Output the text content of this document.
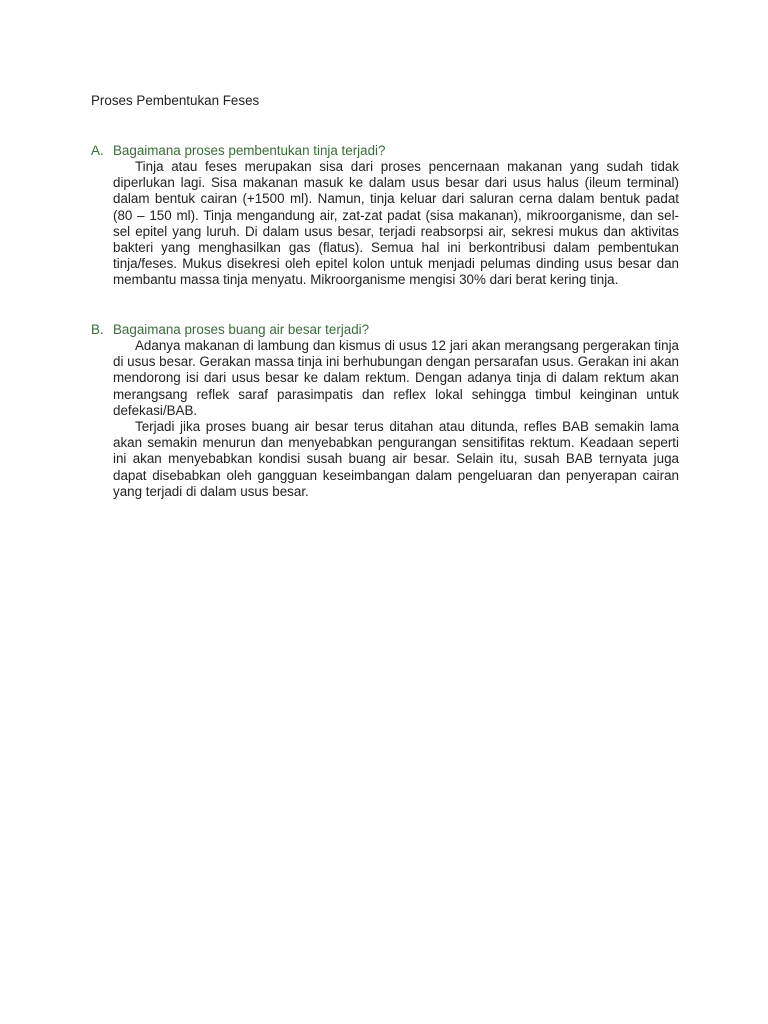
Proses Pembentukan Feses
A. Bagaimana proses pembentukan tinja terjadi?

Tinja atau feses merupakan sisa dari proses pencernaan makanan yang sudah tidak diperlukan lagi. Sisa makanan masuk ke dalam usus besar dari usus halus (ileum terminal) dalam bentuk cairan (+1500 ml). Namun, tinja keluar dari saluran cerna dalam bentuk padat (80 – 150 ml). Tinja mengandung air, zat-zat padat (sisa makanan), mikroorganisme, dan sel-sel epitel yang luruh. Di dalam usus besar, terjadi reabsorpsi air, sekresi mukus dan aktivitas bakteri yang menghasilkan gas (flatus). Semua hal ini berkontribusi dalam pembentukan tinja/feses. Mukus disekresi oleh epitel kolon untuk menjadi pelumas dinding usus besar dan membantu massa tinja menyatu. Mikroorganisme mengisi 30% dari berat kering tinja.

B. Bagaimana proses buang air besar terjadi?

Adanya makanan di lambung dan kismus di usus 12 jari akan merangsang pergerakan tinja di usus besar. Gerakan massa tinja ini berhubungan dengan persarafan usus. Gerakan ini akan mendorong isi dari usus besar ke dalam rektum. Dengan adanya tinja di dalam rektum akan merangsang reflek saraf parasimpatis dan reflex lokal sehingga timbul keinginan untuk defekasi/BAB.

Terjadi jika proses buang air besar terus ditahan atau ditunda, refles BAB semakin lama akan semakin menurun dan menyebabkan pengurangan sensitifitas rektum. Keadaan seperti ini akan menyebabkan kondisi susah buang air besar. Selain itu, susah BAB ternyata juga dapat disebabkan oleh gangguan keseimbangan dalam pengeluaran dan penyerapan cairan yang terjadi di dalam usus besar.
